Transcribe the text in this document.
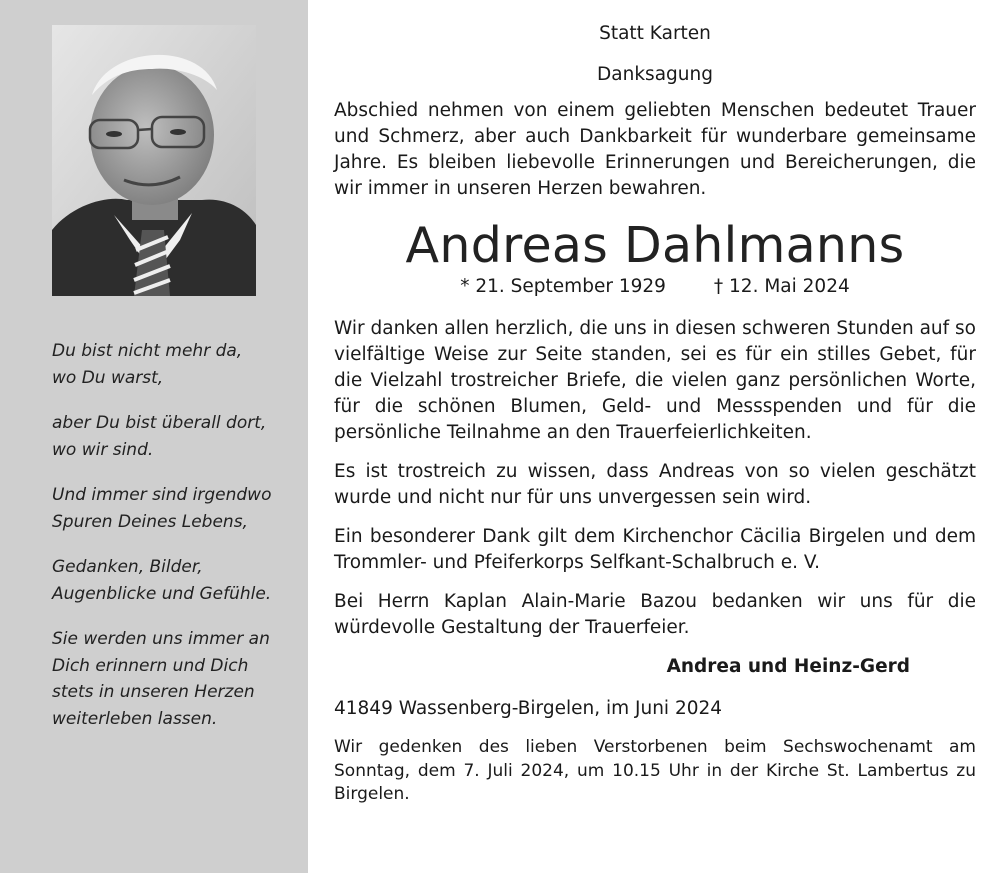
Du bist nicht mehr da,
wo Du warst,
aber Du bist überall dort,
wo wir sind.
Und immer sind irgendwo
Spuren Deines Lebens,
Gedanken, Bilder,
Augenblicke und Gefühle.
Sie werden uns immer an
Dich erinnern und Dich
stets in unseren Herzen
weiterleben lassen.
Statt Karten
Danksagung
Abschied nehmen von einem geliebten Menschen bedeutet Trauer und Schmerz, aber auch Dankbarkeit für wunderbare gemeinsame Jahre. Es bleiben liebevolle Erinnerungen und Bereicherungen, die wir immer in unseren Herzen bewahren.
Andreas Dahlmanns
* 21. September 1929	† 12. Mai 2024
Wir danken allen herzlich, die uns in diesen schweren Stunden auf so vielfältige Weise zur Seite standen, sei es für ein stilles Gebet, für die Vielzahl trostreicher Briefe, die vielen ganz persönlichen Worte, für die schönen Blumen, Geld- und Messspenden und für die persönliche Teilnahme an den Trauerfeierlichkeiten.
Es ist trostreich zu wissen, dass Andreas von so vielen geschätzt wurde und nicht nur für uns unvergessen sein wird.
Ein besonderer Dank gilt dem Kirchenchor Cäcilia Birgelen und dem Trommler- und Pfeiferkorps Selfkant-Schalbruch e. V.
Bei Herrn Kaplan Alain-Marie Bazou bedanken wir uns für die würdevolle Gestaltung der Trauerfeier.
Andrea und Heinz-Gerd
41849 Wassenberg-Birgelen, im Juni 2024
Wir gedenken des lieben Verstorbenen beim Sechswochenamt am Sonntag, dem 7. Juli 2024, um 10.15 Uhr in der Kirche St. Lambertus zu Birgelen.
